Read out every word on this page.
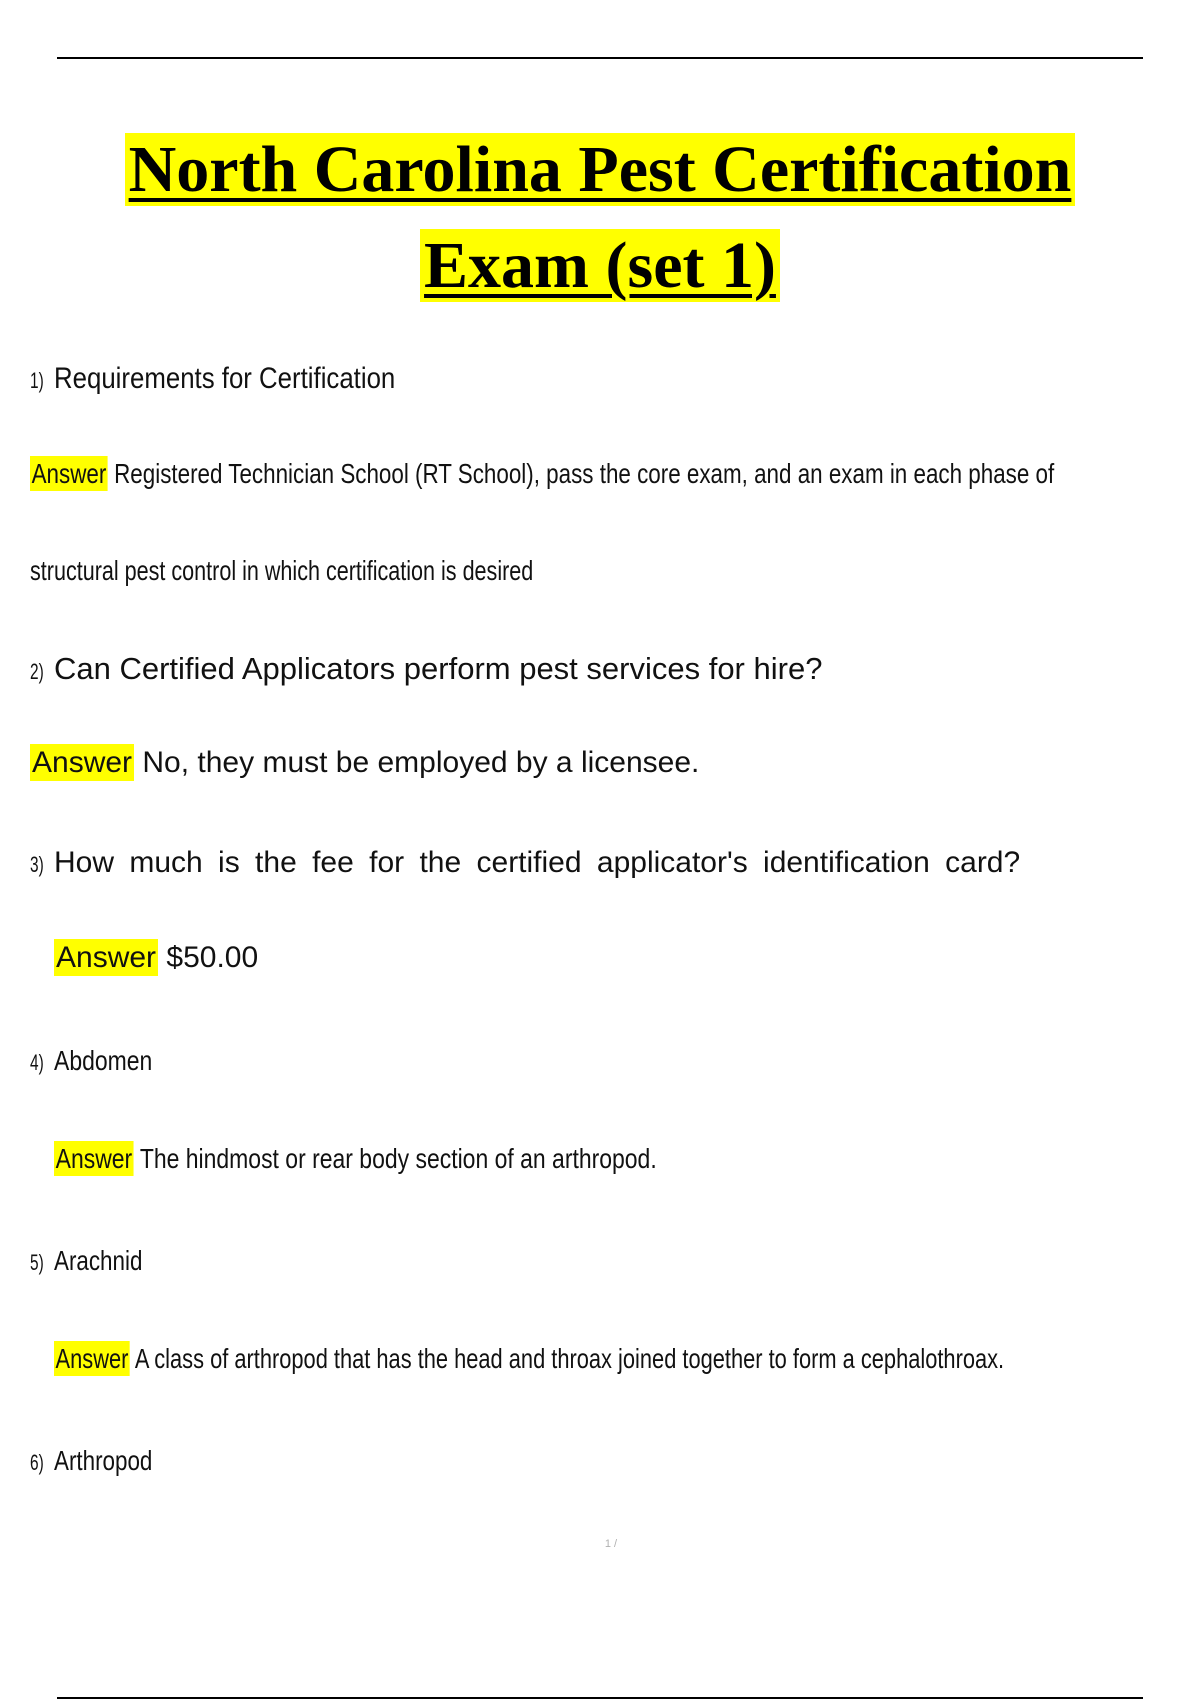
North Carolina Pest Certification
Exam (set 1)
1) Requirements for Certification
Answer Registered Technician School (RT School), pass the core exam, and an exam in each phase of
structural pest control in which certification is desired
2) Can Certified Applicators perform pest services for hire?
Answer No, they must be employed by a licensee.
3) How much is the fee for the certified applicator's identification card?
Answer $50.00
4) Abdomen
Answer The hindmost or rear body section of an arthropod.
5) Arachnid
Answer A class of arthropod that has the head and throax joined together to form a cephalothroax.
6) Arthropod
1 /
